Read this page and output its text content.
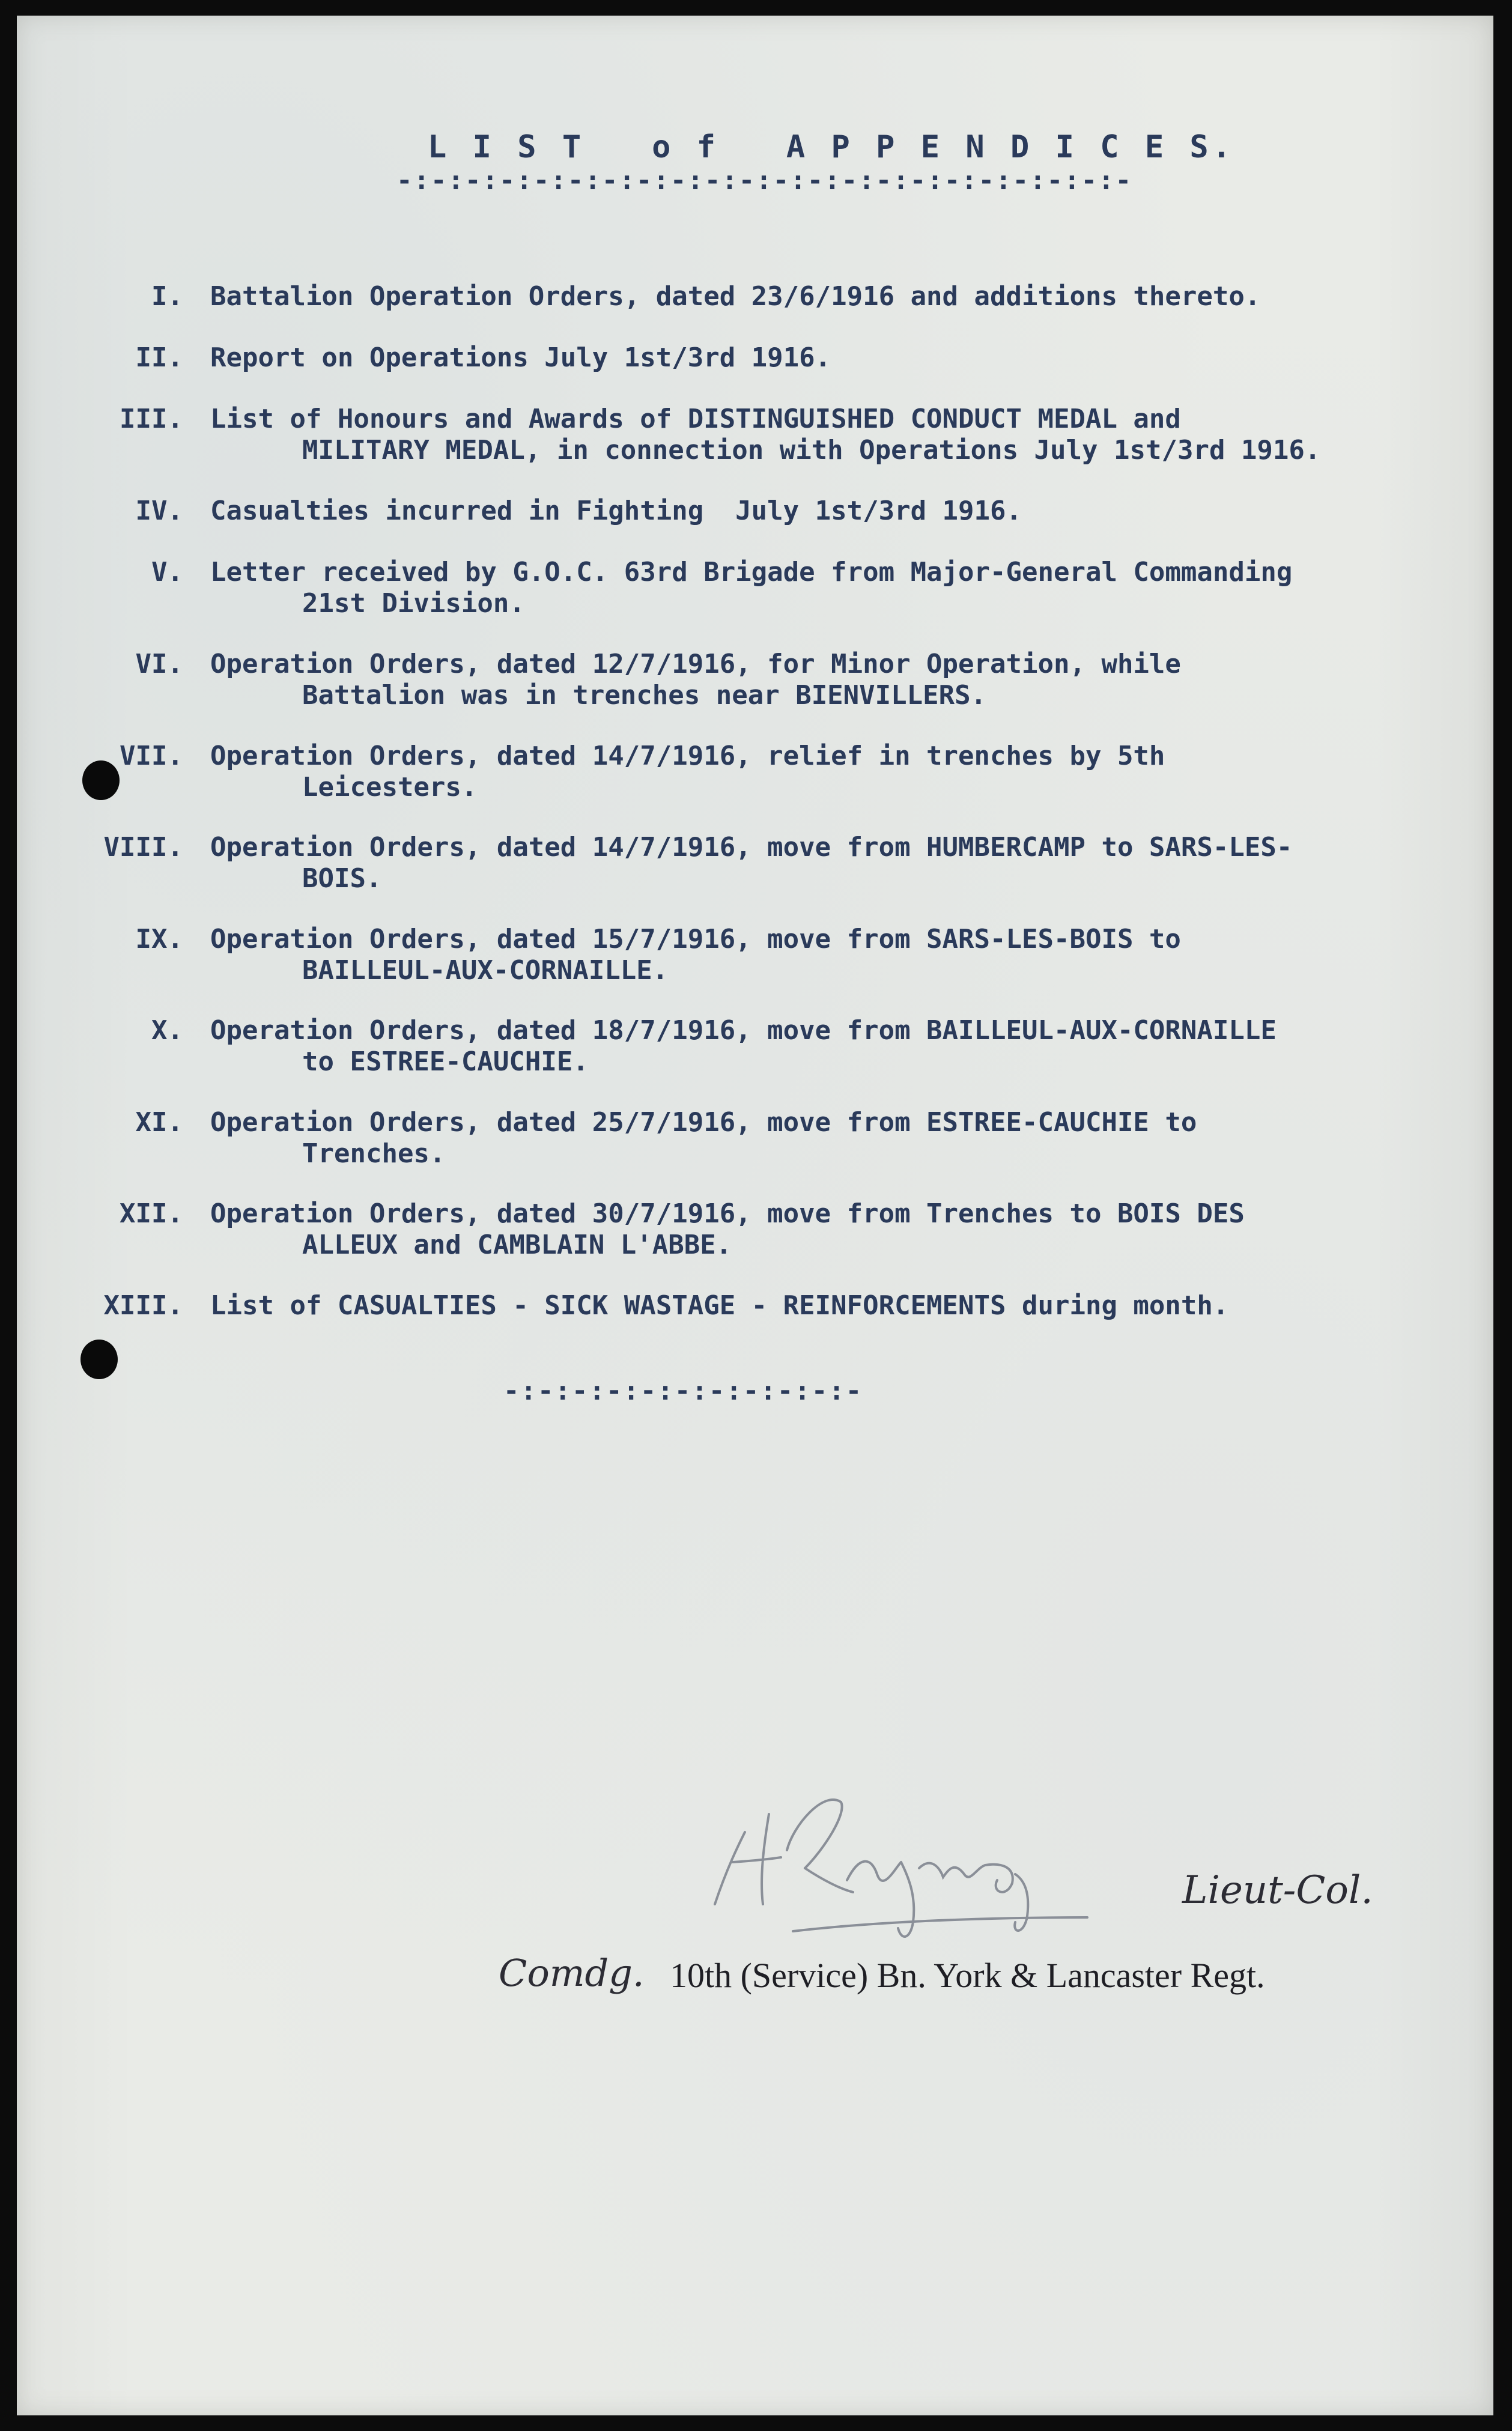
L I S T   o f   A P P E N D I C E S.
-:-:-:-:-:-:-:-:-:-:-:-:-:-:-:-:-:-:-:-:-:-
I. Battalion Operation Orders, dated 23/6/1916 and additions thereto.
II. Report on Operations July 1st/3rd 1916.
III. List of Honours and Awards of DISTINGUISHED CONDUCT MEDAL and
MILITARY MEDAL, in connection with Operations July 1st/3rd 1916.
IV. Casualties incurred in Fighting  July 1st/3rd 1916.
V. Letter received by G.O.C. 63rd Brigade from Major-General Commanding
21st Division.
VI. Operation Orders, dated 12/7/1916, for Minor Operation, while
Battalion was in trenches near BIENVILLERS.
VII. Operation Orders, dated 14/7/1916, relief in trenches by 5th
Leicesters.
VIII. Operation Orders, dated 14/7/1916, move from HUMBERCAMP to SARS-LES-
BOIS.
IX. Operation Orders, dated 15/7/1916, move from SARS-LES-BOIS to
BAILLEUL-AUX-CORNAILLE.
X. Operation Orders, dated 18/7/1916, move from BAILLEUL-AUX-CORNAILLE
to ESTREE-CAUCHIE.
XI. Operation Orders, dated 25/7/1916, move from ESTREE-CAUCHIE to
Trenches.
XII. Operation Orders, dated 30/7/1916, move from Trenches to BOIS DES
ALLEUX and CAMBLAIN L'ABBE.
XIII. List of CASUALTIES - SICK WASTAGE - REINFORCEMENTS during month.
-:-:-:-:-:-:-:-:-:-:-
Lieut-Col.
Comdg. 10th (Service) Bn. York & Lancaster Regt.
